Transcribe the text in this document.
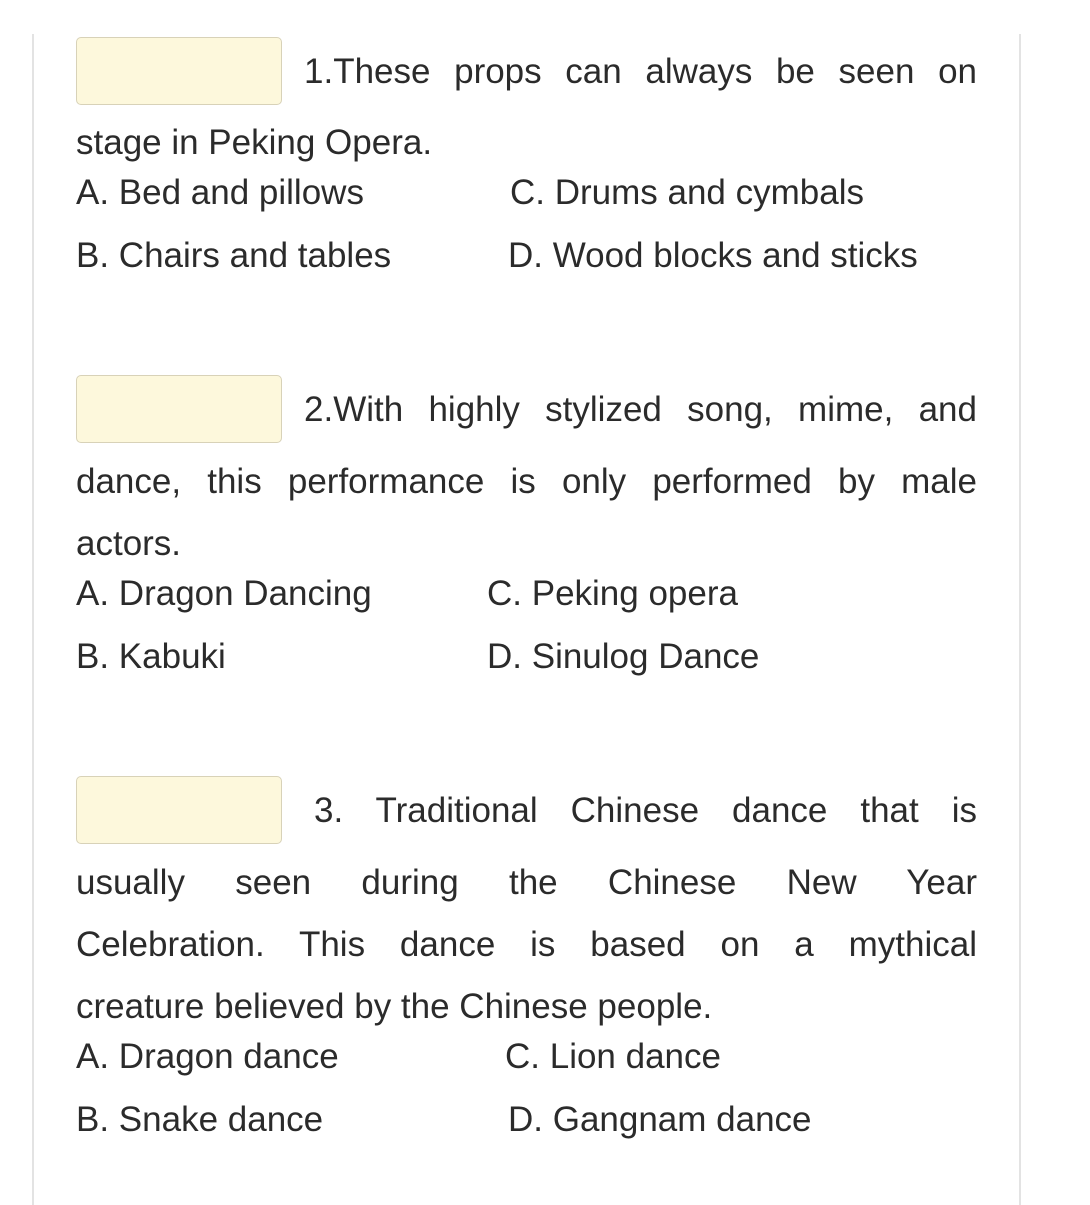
1.These props can always be seen on
stage in Peking Opera.
A. Bed and pillows	C. Drums and cymbals
B. Chairs and tables	D. Wood blocks and sticks
2.With highly stylized song, mime, and
dance, this performance is only performed by male
actors.
A. Dragon Dancing	C. Peking opera
B. Kabuki	D. Sinulog Dance
3. Traditional Chinese dance that is
usually seen during the Chinese New Year
Celebration. This dance is based on a mythical
creature believed by the Chinese people.
A. Dragon dance	C. Lion dance
B. Snake dance	D. Gangnam dance
